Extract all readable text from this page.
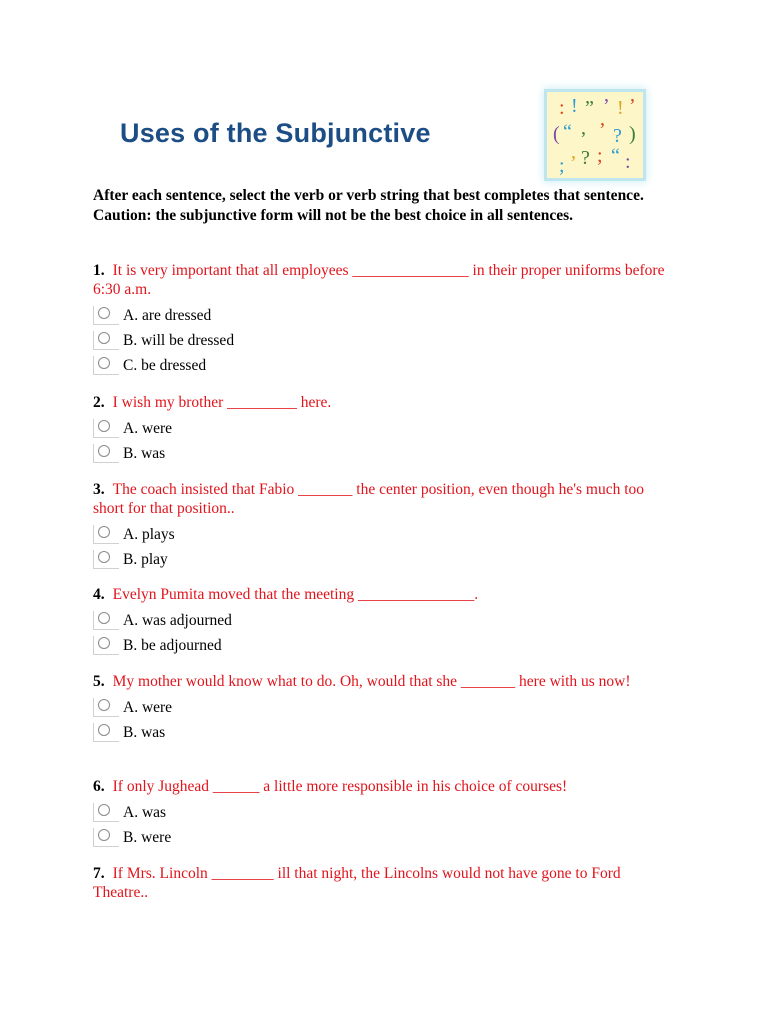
Uses of the Subjunctive
: ! ” ’ ! ’
( “ , ’ ? )
, ? ; “ :
;

After each sentence, select the verb or verb string that best completes that sentence. Caution: the subjunctive form will not be the best choice in all sentences.

1. It is very important that all employees _______________ in their proper uniforms before 6:30 a.m.

A. are dressed
B. will be dressed
C. be dressed

2. I wish my brother _________ here.

A. were
B. was

3. The coach insisted that Fabio _______ the center position, even though he's much too short for that position..

A. plays
B. play

4. Evelyn Pumita moved that the meeting _______________.

A. was adjourned
B. be adjourned

5. My mother would know what to do. Oh, would that she _______ here with us now!

A. were
B. was

6. If only Jughead ______ a little more responsible in his choice of courses!

A. was
B. were

7. If Mrs. Lincoln ________ ill that night, the Lincolns would not have gone to Ford Theatre..
